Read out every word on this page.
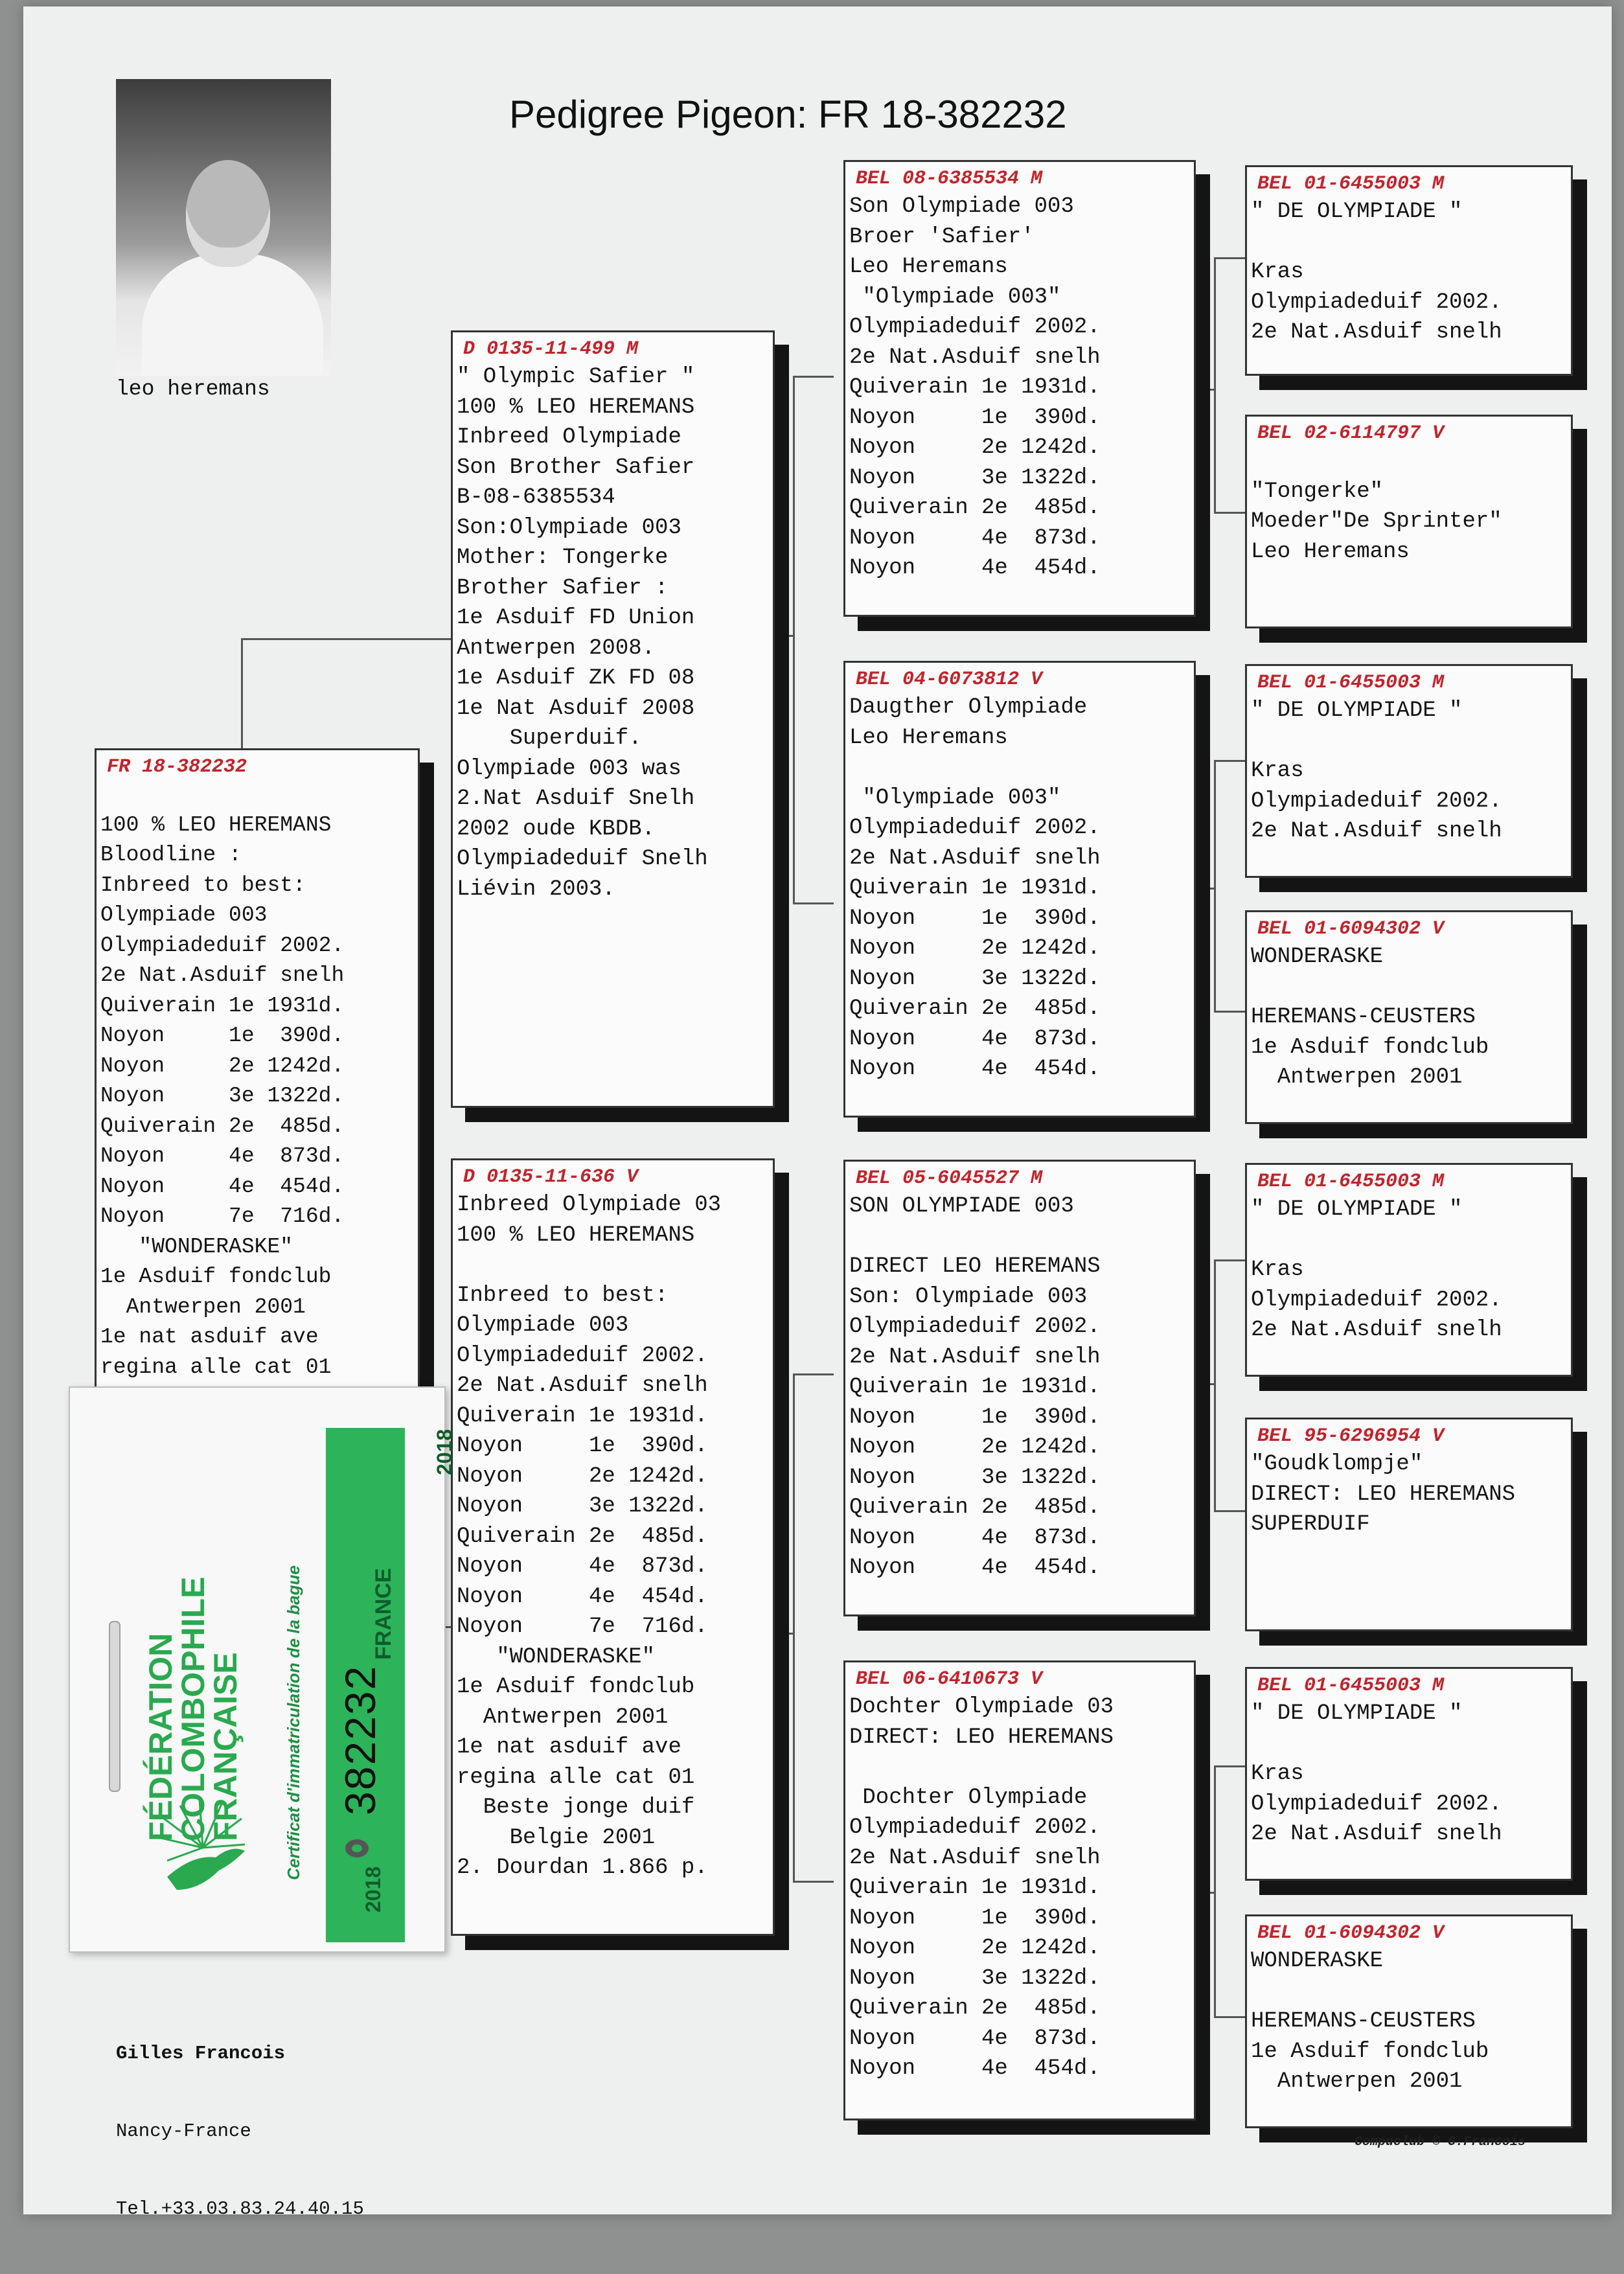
Pedigree Pigeon: FR 18-382232
leo heremans
FR 18-382232

100 % LEO HEREMANS
Bloodline :
Inbreed to best:
Olympiade 003
Olympiadeduif 2002.
2e Nat.Asduif snelh
Quiverain 1e 1931d.
Noyon     1e  390d.
Noyon     2e 1242d.
Noyon     3e 1322d.
Quiverain 2e  485d.
Noyon     4e  873d.
Noyon     4e  454d.
Noyon     7e  716d.
"WONDERASKE"
1e Asduif fondclub
Antwerpen 2001
1e nat asduif ave
regina alle cat 01
D 0135-11-499 M
" Olympic Safier "
100 % LEO HEREMANS
Inbreed Olympiade
Son Brother Safier
B-08-6385534
Son:Olympiade 003
Mother: Tongerke
Brother Safier :
1e Asduif FD Union
Antwerpen 2008.
1e Asduif ZK FD 08
1e Nat Asduif 2008
Superduif.
Olympiade 003 was
2.Nat Asduif Snelh
2002 oude KBDB.
Olympiadeduif Snelh
Liévin 2003.
D 0135-11-636 V
Inbreed Olympiade 03
100 % LEO HEREMANS

Inbreed to best:
Olympiade 003
Olympiadeduif 2002.
2e Nat.Asduif snelh
Quiverain 1e 1931d.
Noyon     1e  390d.
Noyon     2e 1242d.
Noyon     3e 1322d.
Quiverain 2e  485d.
Noyon     4e  873d.
Noyon     4e  454d.
Noyon     7e  716d.
"WONDERASKE"
1e Asduif fondclub
Antwerpen 2001
1e nat asduif ave
regina alle cat 01
Beste jonge duif
Belgie 2001
2. Dourdan 1.866 p.
BEL 08-6385534 M
Son Olympiade 003
Broer 'Safier'
Leo Heremans
"Olympiade 003"
Olympiadeduif 2002.
2e Nat.Asduif snelh
Quiverain 1e 1931d.
Noyon     1e  390d.
Noyon     2e 1242d.
Noyon     3e 1322d.
Quiverain 2e  485d.
Noyon     4e  873d.
Noyon     4e  454d.
BEL 04-6073812 V
Daugther Olympiade
Leo Heremans

"Olympiade 003"
Olympiadeduif 2002.
2e Nat.Asduif snelh
Quiverain 1e 1931d.
Noyon     1e  390d.
Noyon     2e 1242d.
Noyon     3e 1322d.
Quiverain 2e  485d.
Noyon     4e  873d.
Noyon     4e  454d.
BEL 05-6045527 M
SON OLYMPIADE 003

DIRECT LEO HEREMANS
Son: Olympiade 003
Olympiadeduif 2002.
2e Nat.Asduif snelh
Quiverain 1e 1931d.
Noyon     1e  390d.
Noyon     2e 1242d.
Noyon     3e 1322d.
Quiverain 2e  485d.
Noyon     4e  873d.
Noyon     4e  454d.
BEL 06-6410673 V
Dochter Olympiade 03
DIRECT: LEO HEREMANS

Dochter Olympiade
Olympiadeduif 2002.
2e Nat.Asduif snelh
Quiverain 1e 1931d.
Noyon     1e  390d.
Noyon     2e 1242d.
Noyon     3e 1322d.
Quiverain 2e  485d.
Noyon     4e  873d.
Noyon     4e  454d.
BEL 01-6455003 M
" DE OLYMPIADE "

Kras
Olympiadeduif 2002.
2e Nat.Asduif snelh
BEL 02-6114797 V

"Tongerke"
Moeder"De Sprinter"
Leo Heremans
BEL 01-6455003 M
" DE OLYMPIADE "

Kras
Olympiadeduif 2002.
2e Nat.Asduif snelh
BEL 01-6094302 V
WONDERASKE

HEREMANS-CEUSTERS
1e Asduif fondclub
Antwerpen 2001
BEL 01-6455003 M
" DE OLYMPIADE "

Kras
Olympiadeduif 2002.
2e Nat.Asduif snelh
BEL 95-6296954 V
"Goudklompje"
DIRECT: LEO HEREMANS
SUPERDUIF
BEL 01-6455003 M
" DE OLYMPIADE "

Kras
Olympiadeduif 2002.
2e Nat.Asduif snelh
BEL 01-6094302 V
WONDERASKE

HEREMANS-CEUSTERS
1e Asduif fondclub
Antwerpen 2001
FÉDÉRATION
COLOMBOPHILE
FRANÇAISE Certificat d'immatriculation de la bague
2018
382232
FRANCE
2018

Gilles Francois

Nancy-France

Tel.+33.03.83.24.40.15

Compuclub © G.Francois
